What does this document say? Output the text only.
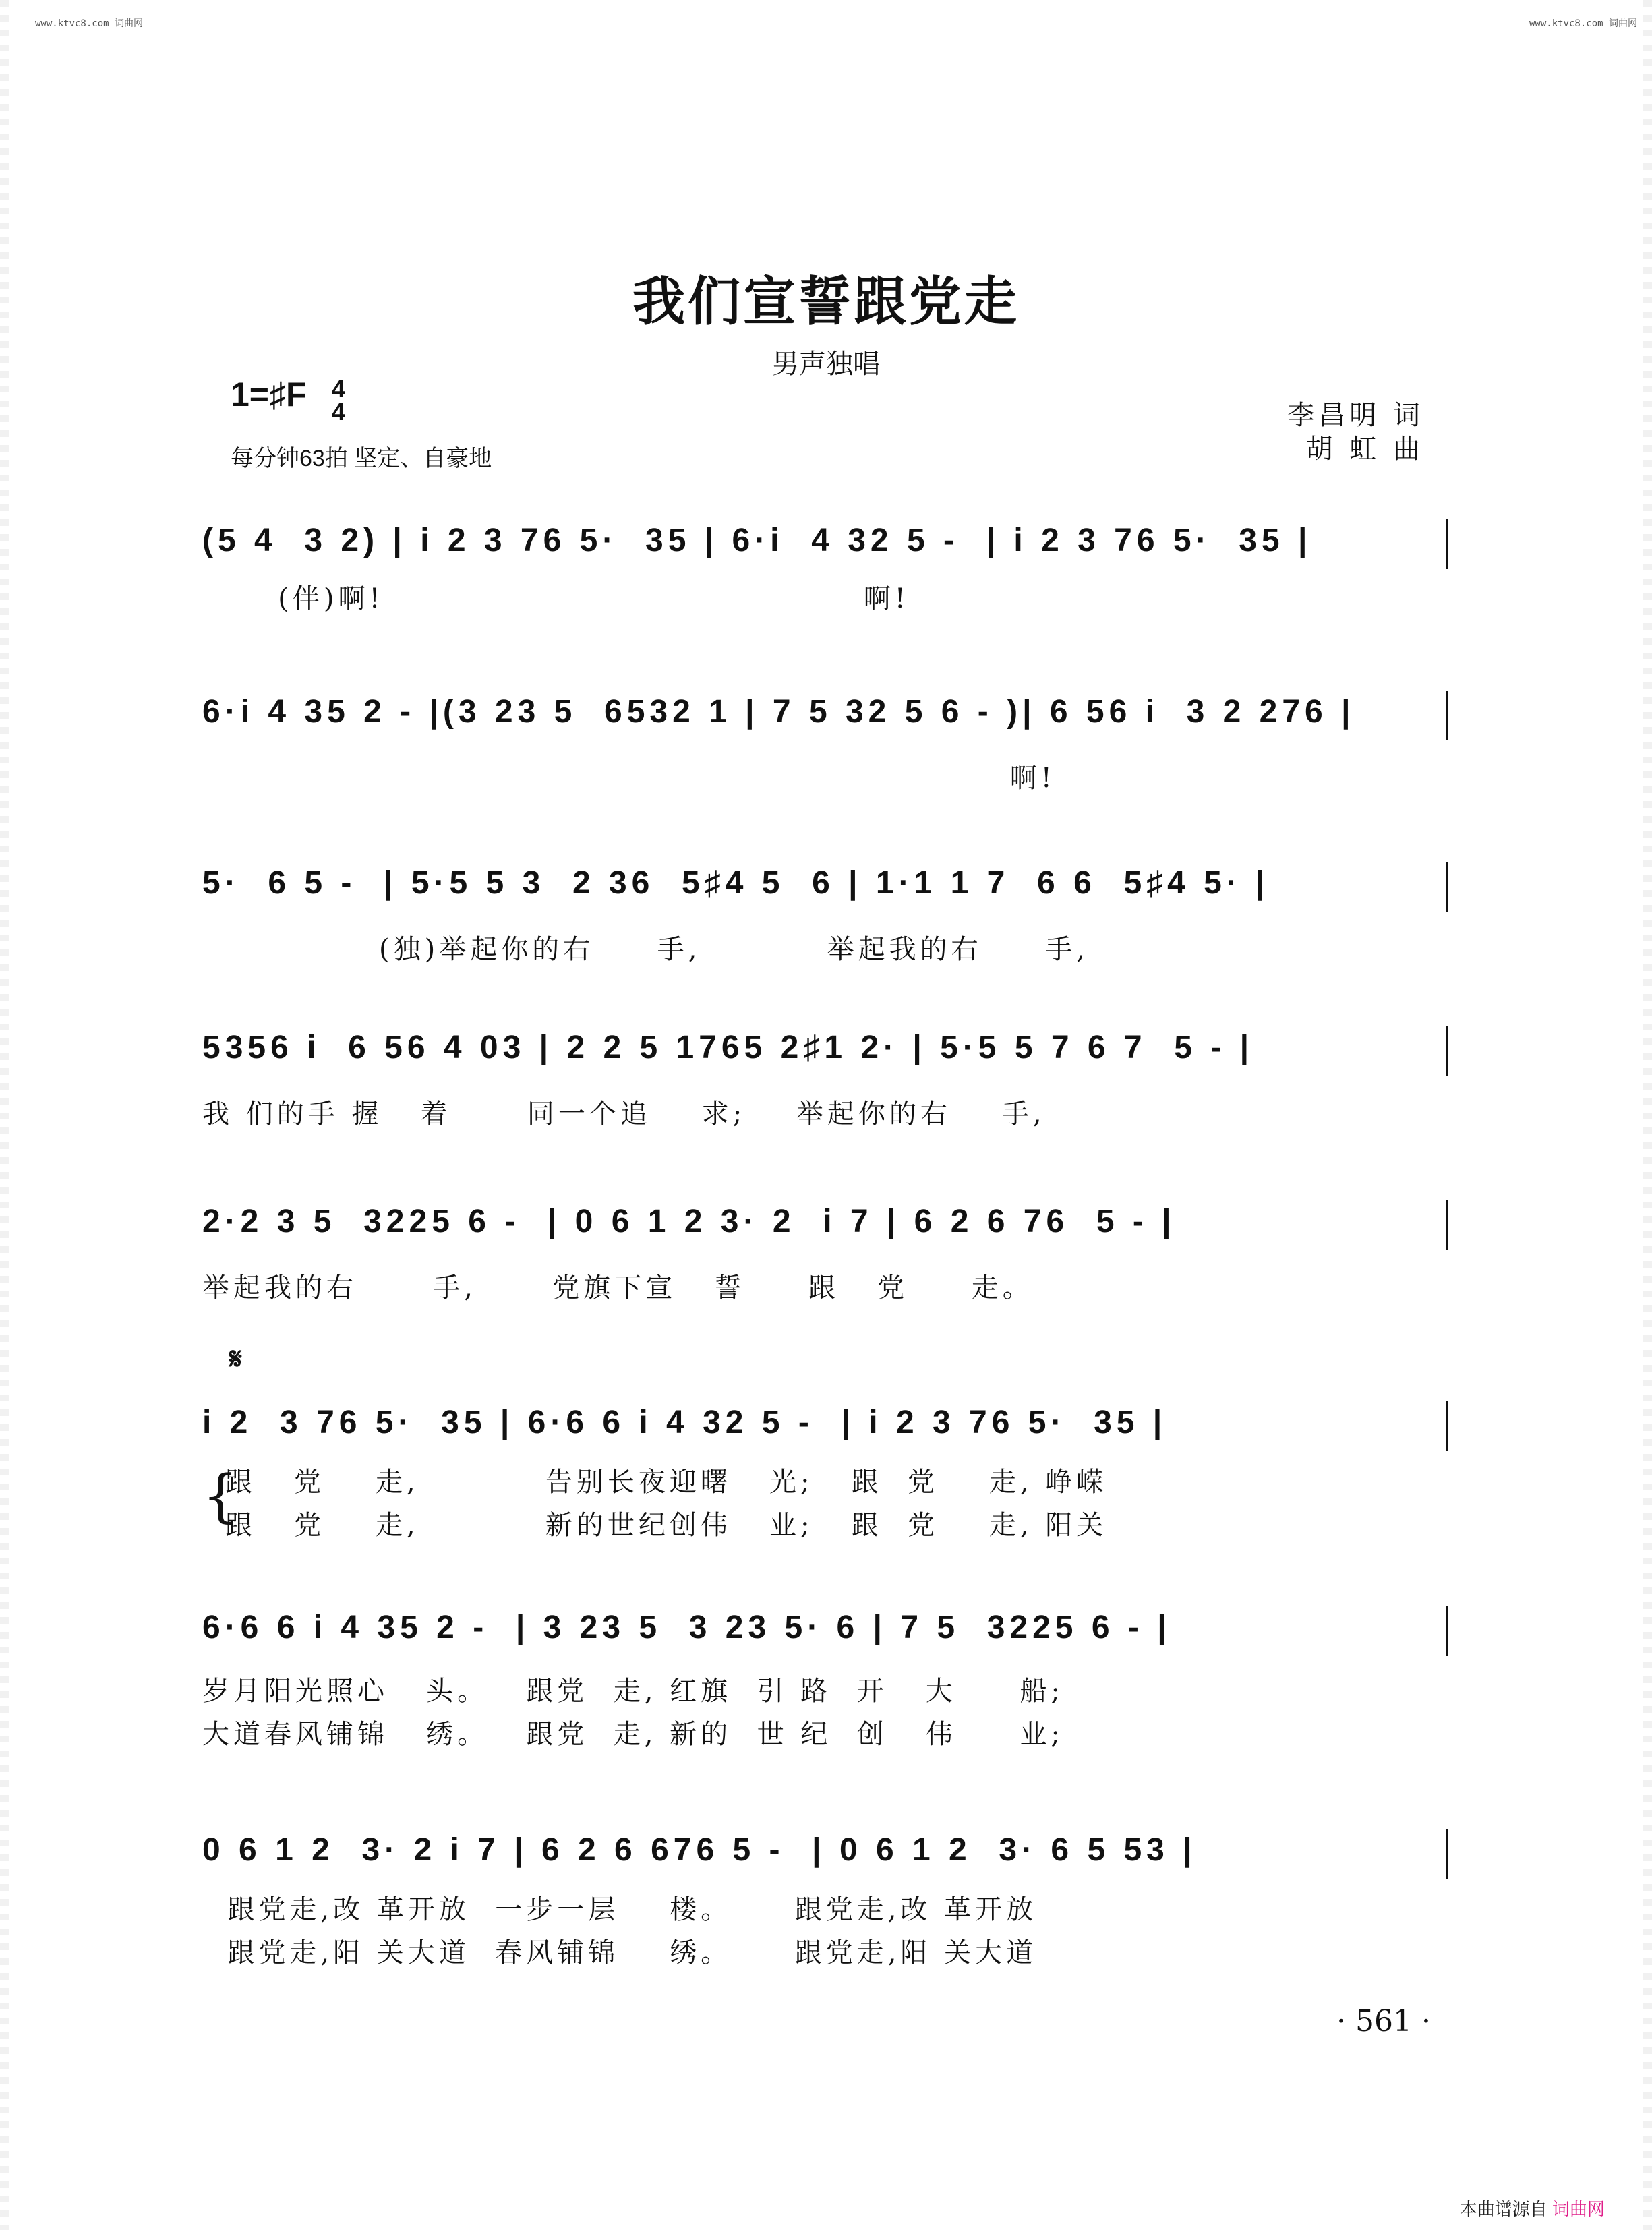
www.ktvc8.com 词曲网	www.ktvc8.com 词曲网
我们宣誓跟党走
男声独唱
1=♯F 4
4
每分钟63拍 坚定、自豪地
李昌明 词
胡 虹 曲
(5 4  3 2) | i 2 3 76 5·  35 | 6·i  4 32 5 -  | i 2 3 76 5·  35 |
(伴)啊!                                      啊!
6·i 4 35 2 - |(3 23 5  6532 1 | 7 5 32 5 6 - )| 6 56 i  3 2 276 |
啊!
5·  6 5 -  | 5·5 5 3  2 36  5♯4 5  6 | 1·1 1 7  6 6  5♯4 5· |
(独)举起你的右     手,          举起我的右     手,
5356 i  6 56 4 03 | 2 2 5 1765 2♯1 2· | 5·5 5 7 6 7  5 - |
我 们的手 握   着      同一个追    求;    举起你的右    手,
2·2 3 5  3225 6 -  | 0 6 1 2 3· 2  i 7 | 6 2 6 76  5 - |
举起我的右      手,      党旗下宣   誓     跟   党     走。
𝄋
{
i 2  3 76 5·  35 | 6·6 6 i 4 32 5 -  | i 2 3 76 5·  35 |
跟   党    走,          告别长夜迎曙   光;   跟  党    走, 峥嵘
跟   党    走,          新的世纪创伟   业;   跟  党    走, 阳关
6·6 6 i 4 35 2 -  | 3 23 5  3 23 5· 6 | 7 5  3225 6 - |
岁月阳光照心   头。   跟党  走, 红旗  引 路  开   大     船;
大道春风铺锦   绣。   跟党  走, 新的  世 纪  创   伟     业;
0 6 1 2  3· 2 i 7 | 6 2 6 676 5 -  | 0 6 1 2  3· 6 5 53 |
跟党走,改 革开放  一步一层    楼。     跟党走,改 革开放
跟党走,阳 关大道  春风铺锦    绣。     跟党走,阳 关大道
· 561 ·
本曲谱源自 词曲网
